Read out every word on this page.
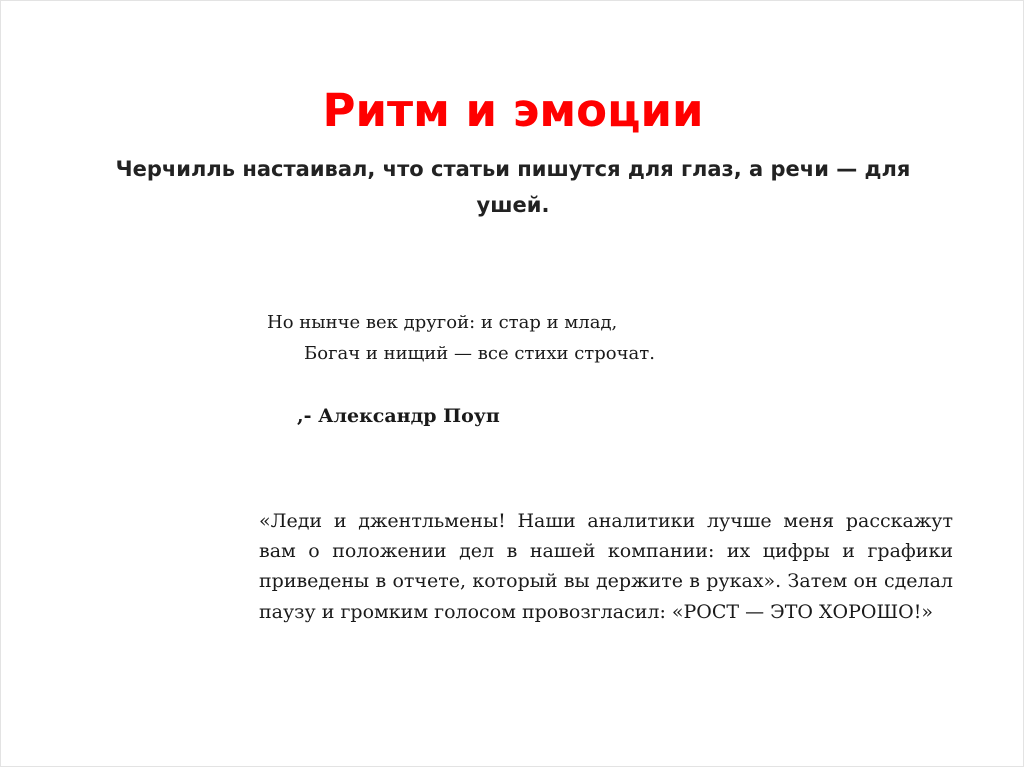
Ритм и эмоции

Черчилль настаивал, что статьи пишутся для глаз, а речи — для ушей.

Но нынче век другой: и стар и млад,

Богач и нищий — все стихи строчат.

,- Александр Поуп

«Леди и джентльмены! Наши аналитики лучше меня расскажут вам о положении дел в нашей компании: их цифры и графики приведены в отчете, который вы держите в руках». Затем он сделал паузу и громким голосом провозгласил: «РОСТ — ЭТО ХОРОШО!»
